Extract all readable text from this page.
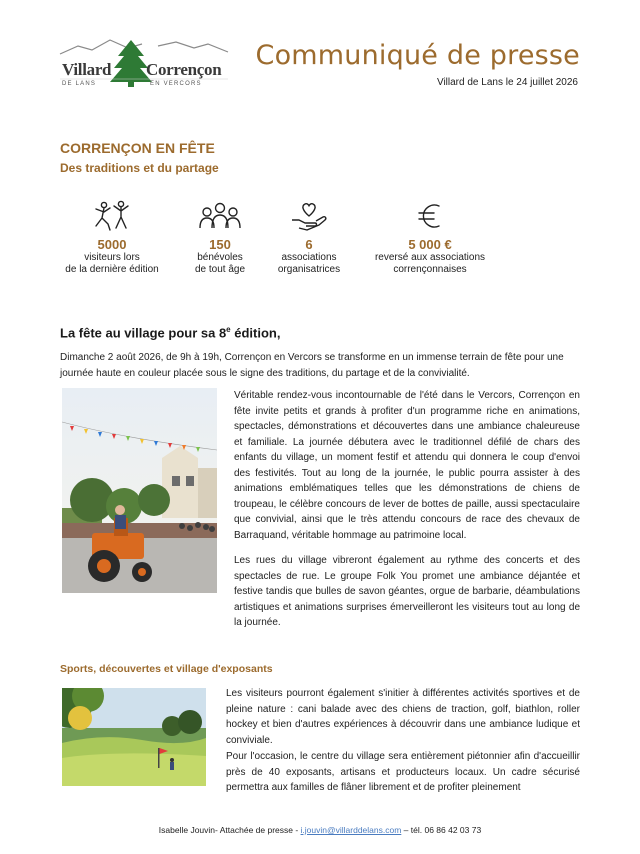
Villard Corrençon
DE LANS	EN VERCORS
Communiqué de presse
Villard de Lans le 24 juillet 2026
CORRENÇON EN FÊTE
Des traditions et du partage
5000
visiteurs lors
de la dernière édition
150
bénévoles
de tout âge
6
associations
organisatrices
5 000 €
reversé aux associations
corrençonnaises
La fête au village pour sa 8e édition,

Dimanche 2 août 2026, de 9h à 19h, Corrençon en Vercors se transforme en un immense terrain de fête pour une journée haute en couleur placée sous le signe des traditions, du partage et de la convivialité.

Véritable rendez-vous incontournable de l'été dans le Vercors, Corrençon en fête invite petits et grands à profiter d'un programme riche en animations, spectacles, démonstrations et découvertes dans une ambiance chaleureuse et familiale. La journée débutera avec le traditionnel défilé de chars des enfants du village, un moment festif et attendu qui donnera le coup d'envoi des festivités. Tout au long de la journée, le public pourra assister à des animations emblématiques telles que les démonstrations de chiens de troupeau, le célèbre concours de lever de bottes de paille, aussi spectaculaire que convivial, ainsi que le très attendu concours de race des chevaux de Barraquand, véritable hommage au patrimoine local.

Les rues du village vibreront également au rythme des concerts et des spectacles de rue. Le groupe Folk You promet une ambiance déjantée et festive tandis que bulles de savon géantes, orgue de barbarie, déambulations artistiques et animations surprises émerveilleront les visiteurs tout au long de la journée.

Sports, découvertes et village d'exposants

Les visiteurs pourront également s'initier à différentes activités sportives et de pleine nature : cani balade avec des chiens de traction, golf, biathlon, roller hockey et bien d'autres expériences à découvrir dans une ambiance ludique et conviviale.

Pour l'occasion, le centre du village sera entièrement piétonnier afin d'accueillir près de 40 exposants, artisans et producteurs locaux. Un cadre sécurisé permettra aux familles de flâner librement et de profiter pleinement

Isabelle Jouvin- Attachée de presse - i.jouvin@villarddelans.com – tél. 06 86 42 03 73
